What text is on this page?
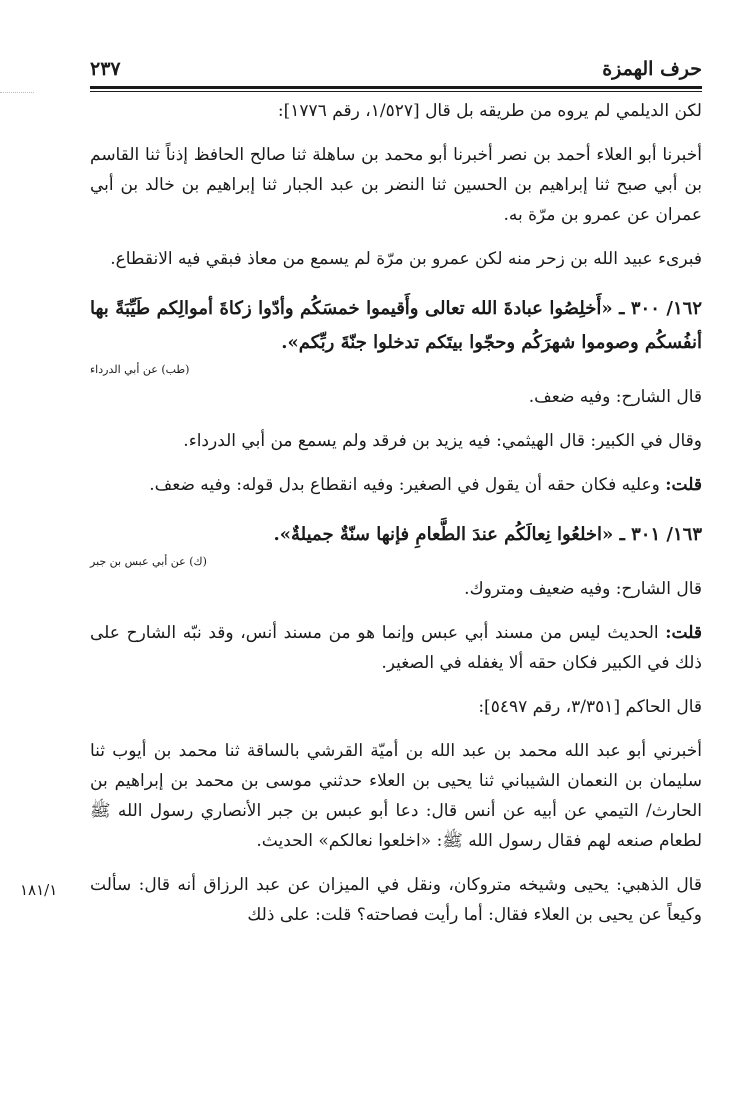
حرف الهمزة
٢٣٧
١٨١/١

لكن الديلمي لم يروه من طريقه بل قال [١/٥٢٧، رقم ١٧٧٦]:

أخبرنا أبو العلاء أحمد بن نصر أخبرنا أبو محمد بن ساهلة ثنا صالح الحافظ إذناً ثنا القاسم بن أبي صبح ثنا إبراهيم بن الحسين ثنا النضر بن عبد الجبار ثنا إبراهيم بن خالد بن أبي عمران عن عمرو بن مرّة به.

فبرىء عبيد الله بن زحر منه لكن عمرو بن مرّة لم يسمع من معاذ فبقي فيه الانقطاع.

١٦٢/ ٣٠٠ ـ «أَخلِصُوا عبادةَ الله تعالى وأَقيموا خمسَكُم وأدّوا زكاةَ أموالِكم طَيِّبَةً بها أنفُسكُم وصوموا شهرَكُم وحجّوا بيتَكم تدخلوا جنّةَ ربِّكم».

(طب) عن أبي الدرداء

قال الشارح: وفيه ضعف.

وقال في الكبير: قال الهيثمي: فيه يزيد بن فرقد ولم يسمع من أبي الدرداء.

قلت: وعليه فكان حقه أن يقول في الصغير: وفيه انقطاع بدل قوله: وفيه ضعف.

١٦٣/ ٣٠١ ـ «اخلعُوا نِعالَكُم عندَ الطَّعامِ فإنها سنّةٌ جميلةٌ».

(ك) عن أبي عبس بن جبر

قال الشارح: وفيه ضعيف ومتروك.

قلت: الحديث ليس من مسند أبي عبس وإنما هو من مسند أنس، وقد نبّه الشارح على ذلك في الكبير فكان حقه ألا يغفله في الصغير.

قال الحاكم [٣/٣٥١، رقم ٥٤٩٧]:

أخبرني أبو عبد الله محمد بن عبد الله بن أميّة القرشي بالساقة ثنا محمد بن أيوب ثنا سليمان بن النعمان الشيباني ثنا يحيى بن العلاء حدثني موسى بن محمد بن إبراهيم بن الحارث/ التيمي عن أبيه عن أنس قال: دعا أبو عبس بن جبر الأنصاري رسول الله ﷺ لطعام صنعه لهم فقال رسول الله ﷺ: «اخلعوا نعالكم» الحديث.

قال الذهبي: يحيى وشيخه متروكان، ونقل في الميزان عن عبد الرزاق أنه قال: سألت وكيعاً عن يحيى بن العلاء فقال: أما رأيت فصاحته؟ قلت: على ذلك
